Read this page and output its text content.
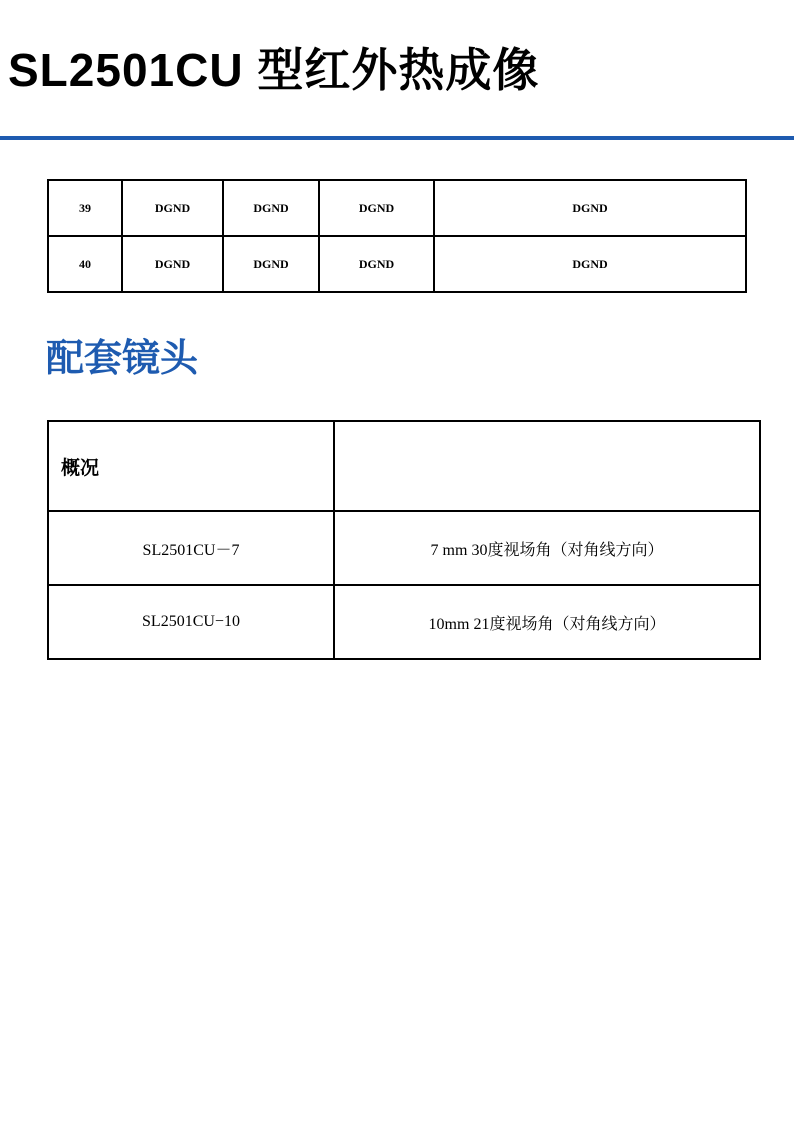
SL2501CU 型红外热成像
39	DGND	DGND	DGND	DGND
40	DGND	DGND	DGND	DGND
配套镜头
概况	
SL2501CU－7	7 mm 30度视场角（对角线方向）
SL2501CU−10	10mm 21度视场角（对角线方向）
